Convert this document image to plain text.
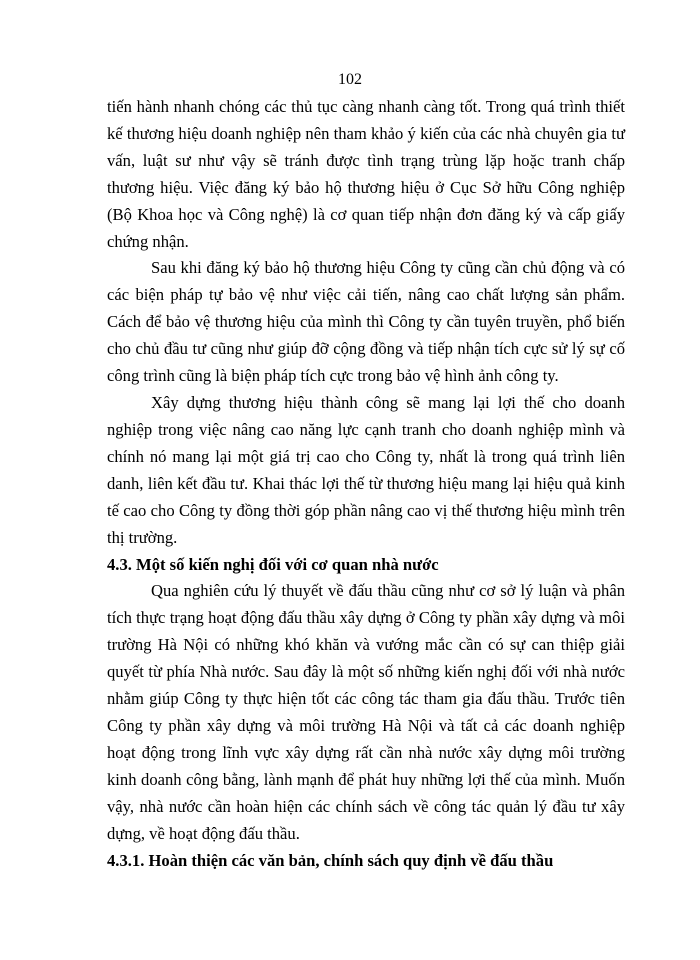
102

tiến hành nhanh chóng các thủ tục càng nhanh càng tốt. Trong quá trình thiết kế thương hiệu doanh nghiệp nên tham khảo ý kiến của các nhà chuyên gia tư vấn, luật sư như vậy sẽ tránh được tình trạng trùng lặp hoặc tranh chấp thương hiệu. Việc đăng ký bảo hộ thương hiệu ở Cục Sở hữu Công nghiệp (Bộ Khoa học và Công nghệ) là cơ quan tiếp nhận đơn đăng ký và cấp giấy chứng nhận.

Sau khi đăng ký bảo hộ thương hiệu Công ty cũng cần chủ động và có các biện pháp tự bảo vệ như việc cải tiến, nâng cao chất lượng sản phẩm. Cách để bảo vệ thương hiệu của mình thì Công ty cần tuyên truyền, phổ biến cho chủ đầu tư cũng như giúp đỡ cộng đồng và tiếp nhận tích cực sử lý sự cố công trình cũng là biện pháp tích cực trong bảo vệ hình ảnh công ty.

Xây dựng thương hiệu thành công sẽ mang lại lợi thế cho doanh nghiệp trong việc nâng cao năng lực cạnh tranh cho doanh nghiệp mình và chính nó mang lại một giá trị cao cho Công ty, nhất là trong quá trình liên danh, liên kết đầu tư. Khai thác lợi thế từ thương hiệu mang lại hiệu quả kinh tế cao cho Công ty đồng thời góp phần nâng cao vị thế thương hiệu mình trên thị trường.

4.3. Một số kiến nghị đối với cơ quan nhà nước

Qua nghiên cứu lý thuyết về đấu thầu cũng như cơ sở lý luận và phân tích thực trạng hoạt động đấu thầu xây dựng ở Công ty phần xây dựng và môi trường Hà Nội có những khó khăn và vướng mắc cần có sự can thiệp giải quyết từ phía Nhà nước. Sau đây là một số những kiến nghị đối với nhà nước nhằm giúp Công ty thực hiện tốt các công tác tham gia đấu thầu. Trước tiên Công ty phần xây dựng và môi trường Hà Nội và tất cả các doanh nghiệp hoạt động trong lĩnh vực xây dựng rất cần nhà nước xây dựng môi trường kinh doanh công bằng, lành mạnh để phát huy những lợi thế của mình. Muốn vậy, nhà nước cần hoàn hiện các chính sách về công tác quản lý đầu tư xây dựng, về hoạt động đấu thầu.

4.3.1. Hoàn thiện các văn bản, chính sách quy định về đấu thầu
